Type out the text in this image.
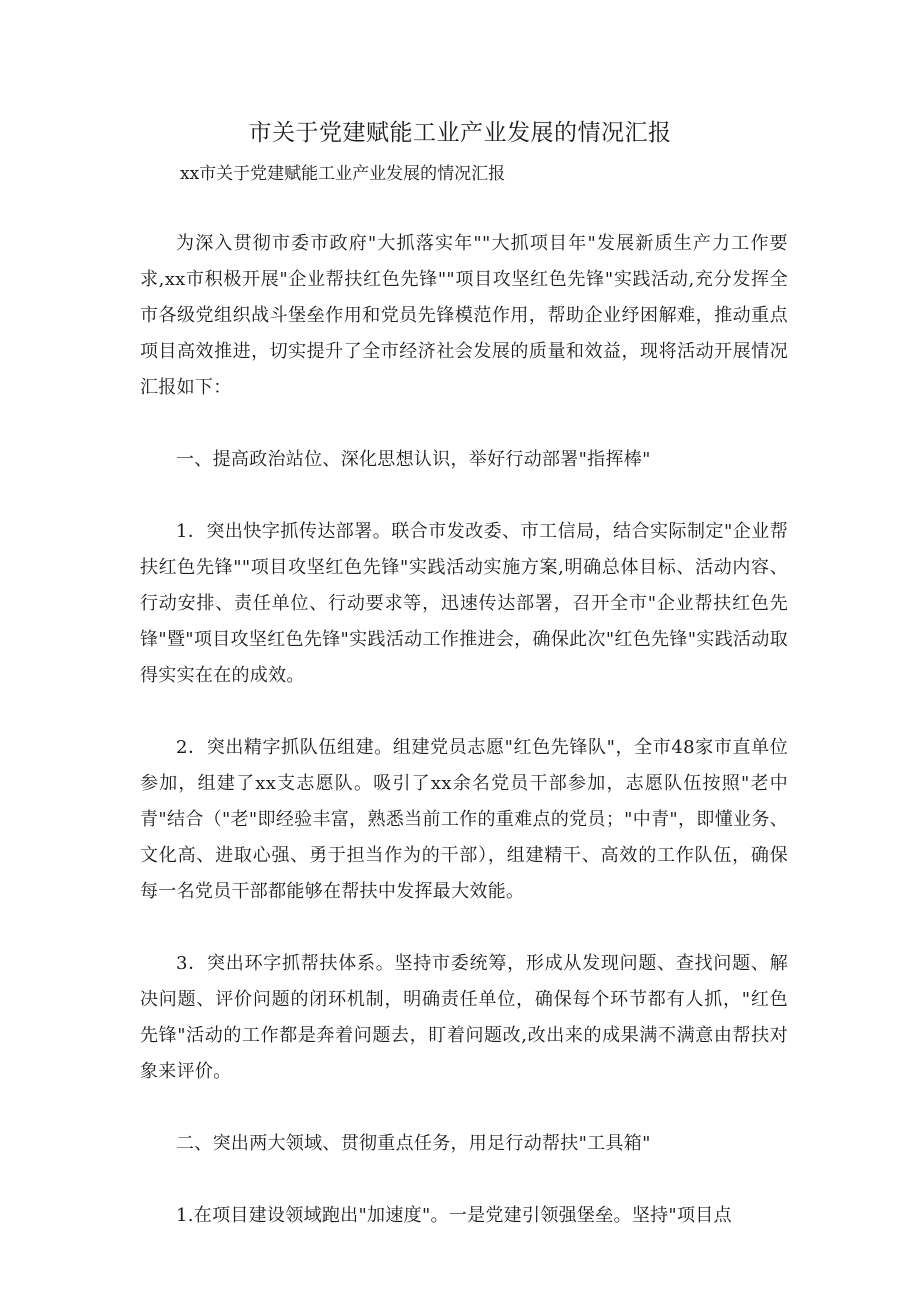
市关于党建赋能工业产业发展的情况汇报

xx市关于党建赋能工业产业发展的情况汇报

为深入贯彻市委市政府"大抓落实年""大抓项目年"发展新质生产力工作要求,xx市积极开展"企业帮扶红色先锋""项目攻坚红色先锋"实践活动,充分发挥全市各级党组织战斗堡垒作用和党员先锋模范作用，帮助企业纾困解难，推动重点项目高效推进，切实提升了全市经济社会发展的质量和效益，现将活动开展情况汇报如下：

一、提高政治站位、深化思想认识，举好行动部署"指挥棒"

1．突出快字抓传达部署。联合市发改委、市工信局，结合实际制定"企业帮扶红色先锋""项目攻坚红色先锋"实践活动实施方案,明确总体目标、活动内容、行动安排、责任单位、行动要求等，迅速传达部署，召开全市"企业帮扶红色先锋"暨"项目攻坚红色先锋"实践活动工作推进会，确保此次"红色先锋"实践活动取得实实在在的成效。

2．突出精字抓队伍组建。组建党员志愿"红色先锋队"，全市48家市直单位参加，组建了xx支志愿队。吸引了xx余名党员干部参加，志愿队伍按照"老中青"结合（"老"即经验丰富，熟悉当前工作的重难点的党员；"中青"，即懂业务、文化高、进取心强、勇于担当作为的干部），组建精干、高效的工作队伍，确保每一名党员干部都能够在帮扶中发挥最大效能。

3．突出环字抓帮扶体系。坚持市委统筹，形成从发现问题、查找问题、解决问题、评价问题的闭环机制，明确责任单位，确保每个环节都有人抓，"红色先锋"活动的工作都是奔着问题去，盯着问题改,改出来的成果满不满意由帮扶对象来评价。

二、突出两大领域、贯彻重点任务，用足行动帮扶"工具箱"

1.在项目建设领域跑出"加速度"。一是党建引领强堡垒。坚持"项目点
